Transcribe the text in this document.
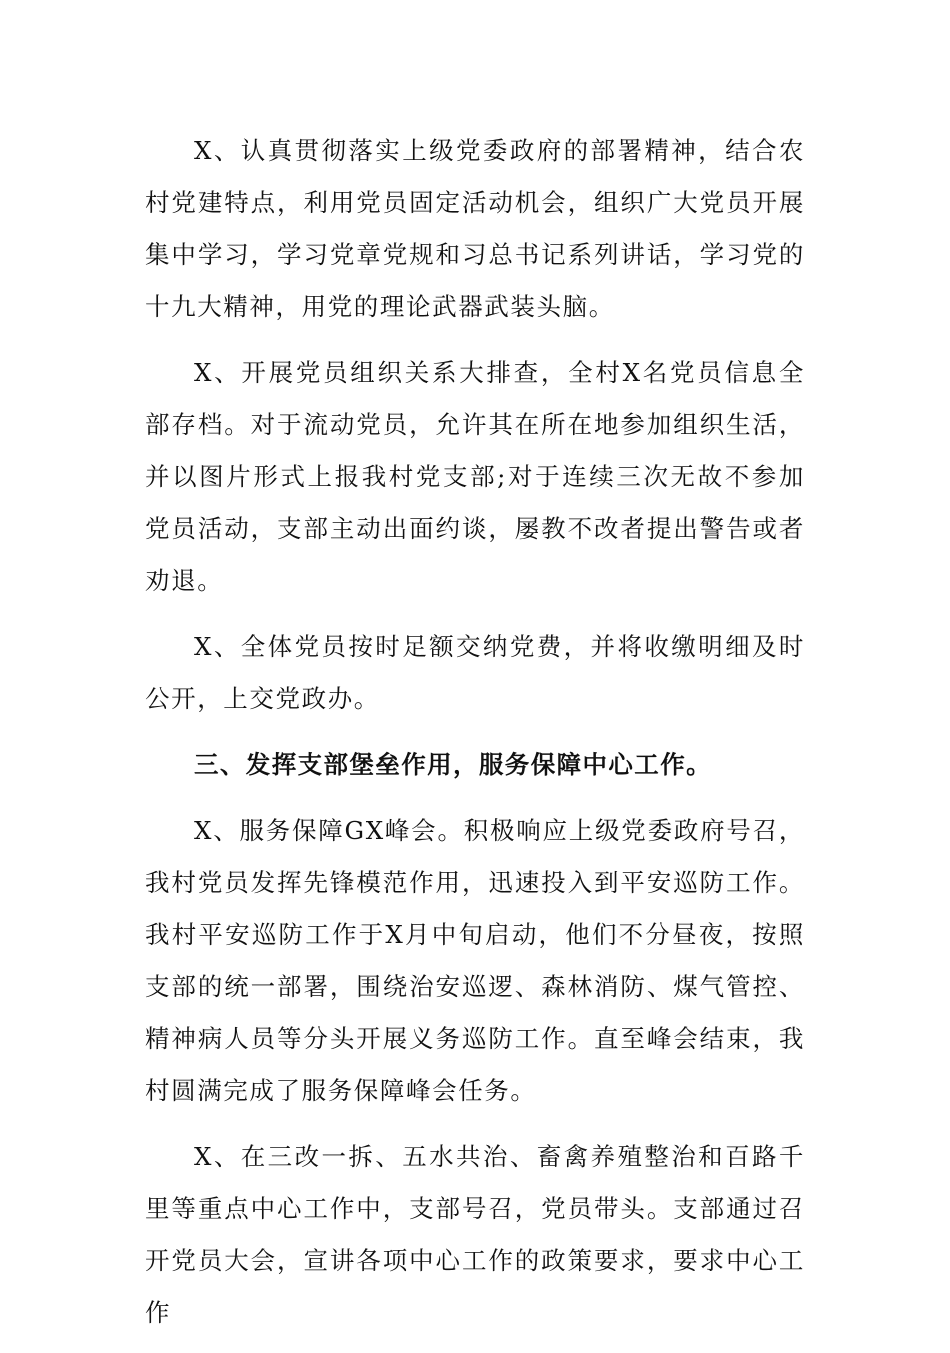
X、认真贯彻落实上级党委政府的部署精神，结合农村党建特点，利用党员固定活动机会，组织广大党员开展集中学习，学习党章党规和习总书记系列讲话，学习党的十九大精神，用党的理论武器武装头脑。

X、开展党员组织关系大排查，全村X名党员信息全部存档。对于流动党员，允许其在所在地参加组织生活，并以图片形式上报我村党支部;对于连续三次无故不参加党员活动，支部主动出面约谈，屡教不改者提出警告或者劝退。

X、全体党员按时足额交纳党费，并将收缴明细及时公开，上交党政办。

三、发挥支部堡垒作用，服务保障中心工作。

X、服务保障GX峰会。积极响应上级党委政府号召，我村党员发挥先锋模范作用，迅速投入到平安巡防工作。我村平安巡防工作于X月中旬启动，他们不分昼夜，按照支部的统一部署，围绕治安巡逻、森林消防、煤气管控、精神病人员等分头开展义务巡防工作。直至峰会结束，我村圆满完成了服务保障峰会任务。

X、在三改一拆、五水共治、畜禽养殖整治和百路千里等重点中心工作中，支部号召，党员带头。支部通过召开党员大会，宣讲各项中心工作的政策要求，要求中心工作
